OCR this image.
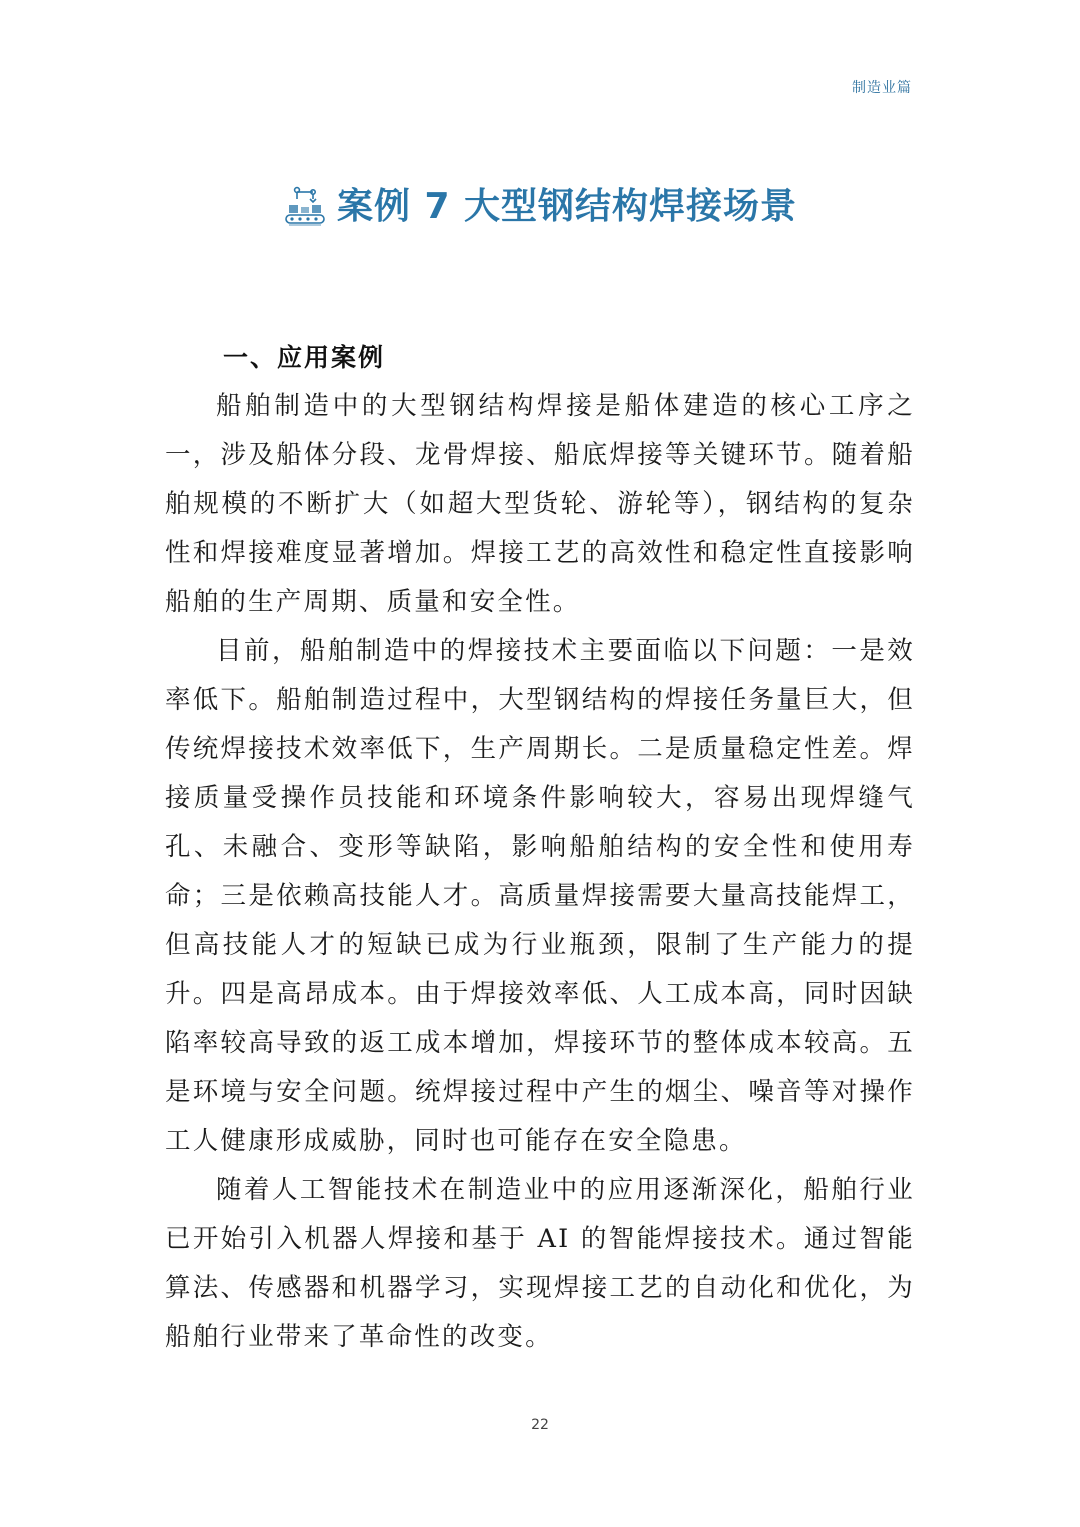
制造业篇
案例 7 大型钢结构焊接场景
一、应用案例

船舶制造中的大型钢结构焊接是船体建造的核心工序之一，涉及船体分段、龙骨焊接、船底焊接等关键环节。随着船舶规模的不断扩大（如超大型货轮、游轮等），钢结构的复杂性和焊接难度显著增加。焊接工艺的高效性和稳定性直接影响船舶的生产周期、质量和安全性。

目前，船舶制造中的焊接技术主要面临以下问题：一是效率低下。船舶制造过程中，大型钢结构的焊接任务量巨大，但传统焊接技术效率低下，生产周期长。二是质量稳定性差。焊接质量受操作员技能和环境条件影响较大，容易出现焊缝气孔、未融合、变形等缺陷，影响船舶结构的安全性和使用寿命；三是依赖高技能人才。高质量焊接需要大量高技能焊工，但高技能人才的短缺已成为行业瓶颈，限制了生产能力的提升。四是高昂成本。由于焊接效率低、人工成本高，同时因缺陷率较高导致的返工成本增加，焊接环节的整体成本较高。五是环境与安全问题。统焊接过程中产生的烟尘、噪音等对操作工人健康形成威胁，同时也可能存在安全隐患。

随着人工智能技术在制造业中的应用逐渐深化，船舶行业已开始引入机器人焊接和基于 AI 的智能焊接技术。通过智能算法、传感器和机器学习，实现焊接工艺的自动化和优化，为船舶行业带来了革命性的改变。

22
